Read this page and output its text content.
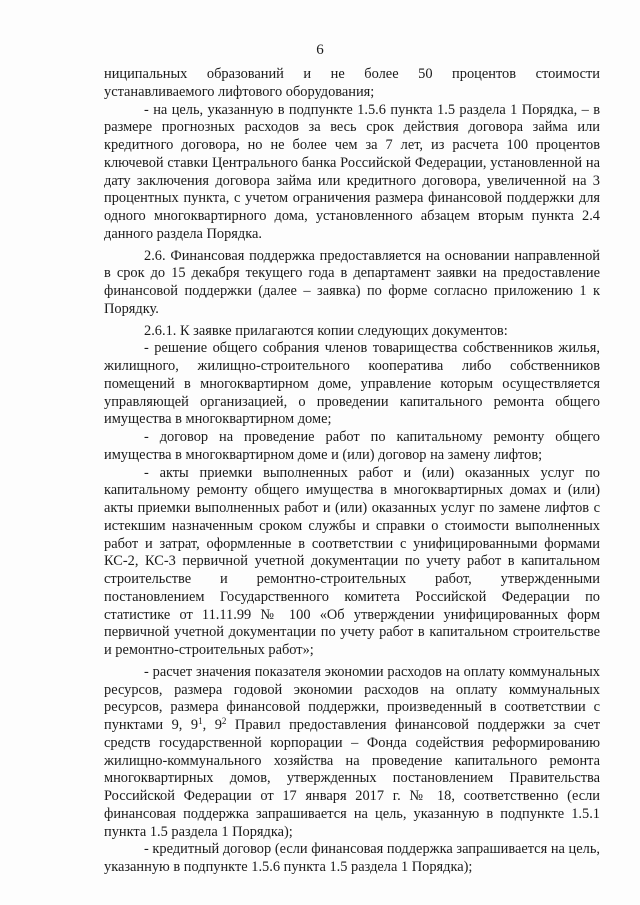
6

ниципальных образований и не более 50 процентов стоимости устанавливаемого лифтового оборудования;

- на цель, указанную в подпункте 1.5.6 пункта 1.5 раздела 1 Порядка, – в размере прогнозных расходов за весь срок действия договора займа или кредитного договора, но не более чем за 7 лет, из расчета 100 процентов ключевой ставки Центрального банка Российской Федерации, установленной на дату заключения договора займа или кредитного договора, увеличенной на 3 процентных пункта, с учетом ограничения размера финансовой поддержки для одного многоквартирного дома, установленного абзацем вторым пункта 2.4 данного раздела Порядка.

2.6. Финансовая поддержка предоставляется на основании направленной в срок до 15 декабря текущего года в департамент заявки на предоставление финансовой поддержки (далее – заявка) по форме согласно приложению 1 к Порядку.

2.6.1. К заявке прилагаются копии следующих документов:

- решение общего собрания членов товарищества собственников жилья, жилищного, жилищно-строительного кооператива либо собственников помещений в многоквартирном доме, управление которым осуществляется управляющей организацией, о проведении капитального ремонта общего имущества в многоквартирном доме;

- договор на проведение работ по капитальному ремонту общего имущества в многоквартирном доме и (или) договор на замену лифтов;

- акты приемки выполненных работ и (или) оказанных услуг по капитальному ремонту общего имущества в многоквартирных домах и (или) акты приемки выполненных работ и (или) оказанных услуг по замене лифтов с истекшим назначенным сроком службы и справки о стоимости выполненных работ и затрат, оформленные в соответствии с унифицированными формами КС-2, КС-3 первичной учетной документации по учету работ в капитальном строительстве и ремонтно-строительных работ, утвержденными постановлением Государственного комитета Российской Федерации по статистике от 11.11.99 № 100 «Об утверждении унифицированных форм первичной учетной документации по учету работ в капитальном строительстве и ремонтно-строительных работ»;

- расчет значения показателя экономии расходов на оплату коммунальных ресурсов, размера годовой экономии расходов на оплату коммунальных ресурсов, размера финансовой поддержки, произведенный в соответствии с пунктами 9, $9^1$, $9^2$ Правил предоставления финансовой поддержки за счет средств государственной корпорации – Фонда содействия реформированию жилищно-коммунального хозяйства на проведение капитального ремонта многоквартирных домов, утвержденных постановлением Правительства Российской Федерации от 17 января 2017 г. № 18, соответственно (если финансовая поддержка запрашивается на цель, указанную в подпункте 1.5.1 пункта 1.5 раздела 1 Порядка);

- кредитный договор (если финансовая поддержка запрашивается на цель, указанную в подпункте 1.5.6 пункта 1.5 раздела 1 Порядка);
